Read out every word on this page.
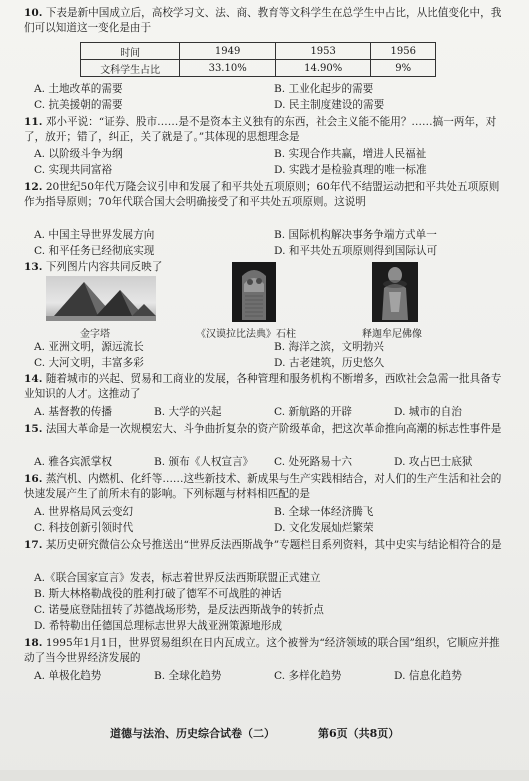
10. 下表是新中国成立后，高校学习文、法、商、教育等文科学生在总学生中占比，从比值变化中，我们可以知道这一变化是由于
时间	1949	1953	1956
文科学生占比	33.10%	14.90%	9%
A. 土地改革的需要	B. 工业化起步的需要
C. 抗美援朝的需要	D. 民主制度建设的需要
11. 邓小平说：“证券、股市……是不是资本主义独有的东西，社会主义能不能用？……搞一两年，对了，放开；错了，纠正，关了就是了。”其体现的思想理念是
A. 以阶级斗争为纲	B. 实现合作共赢，增进人民福祉
C. 实现共同富裕	D. 实践才是检验真理的唯一标准
12. 20世纪50年代万隆会议引申和发展了和平共处五项原则；60年代不结盟运动把和平共处五项原则作为指导原则；70年代联合国大会明确接受了和平共处五项原则。这说明
A. 中国主导世界发展方向	B. 国际机构解决事务争端方式单一
C. 和平任务已经彻底实现	D. 和平共处五项原则得到国际认可
13. 下列图片内容共同反映了
金字塔	《汉谟拉比法典》石柱	释迦牟尼佛像
A. 亚洲文明，源远流长	B. 海洋之滨，文明勃兴
C. 大河文明，丰富多彩	D. 古老建筑，历史悠久
14. 随着城市的兴起、贸易和工商业的发展，各种管理和服务机构不断增多，西欧社会急需一批具备专业知识的人才。这推动了
A. 基督教的传播	B. 大学的兴起	C. 新航路的开辟	D. 城市的自治
15. 法国大革命是一次规模宏大、斗争曲折复杂的资产阶级革命，把这次革命推向高潮的标志性事件是
A. 雅各宾派掌权	B. 颁布《人权宣言》 C. 处死路易十六	D. 攻占巴士底狱
16. 蒸汽机、内燃机、化纤等……这些新技术、新成果与生产实践相结合，对人们的生产生活和社会的快速发展产生了前所未有的影响。下列标题与材料相匹配的是
A. 世界格局风云变幻	B. 全球一体经济腾飞
C. 科技创新引领时代	D. 文化发展灿烂繁荣
17. 某历史研究微信公众号推送出“世界反法西斯战争”专题栏目系列资料，其中史实与结论相符合的是
A.《联合国家宣言》发表，标志着世界反法西斯联盟正式建立
B. 斯大林格勒战役的胜利打破了德军不可战胜的神话
C. 诺曼底登陆扭转了苏德战场形势，是反法西斯战争的转折点
D. 希特勒出任德国总理标志世界大战亚洲策源地形成
18. 1995年1月1日，世界贸易组织在日内瓦成立。这个被誉为“经济领域的联合国”组织，它顺应并推动了当今世界经济发展的
A. 单极化趋势	B. 全球化趋势	C. 多样化趋势	D. 信息化趋势
道德与法治、历史综合试卷（二）	第6页（共8页）
